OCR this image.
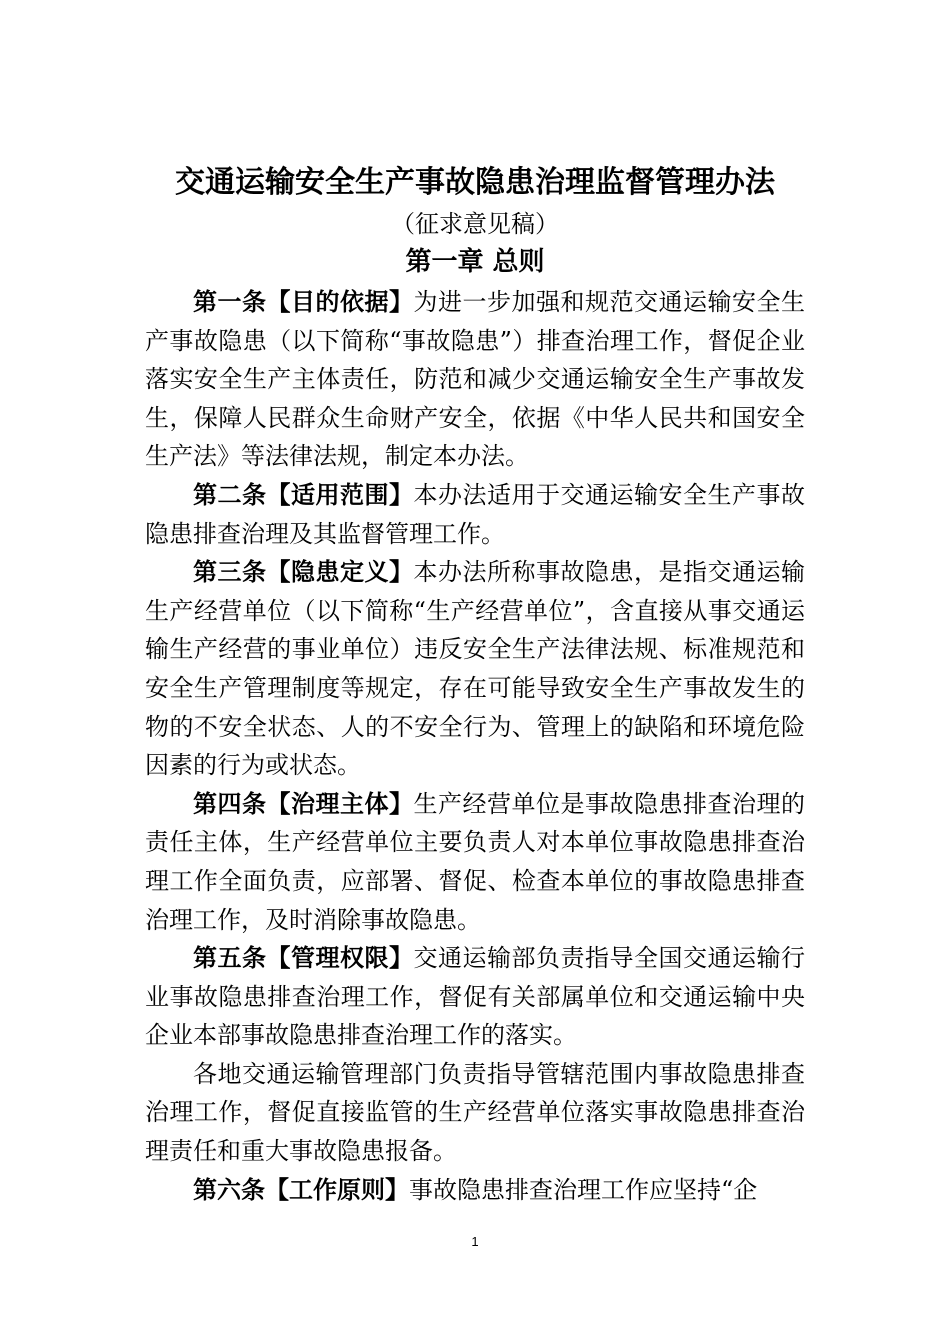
交通运输安全生产事故隐患治理监督管理办法
（征求意见稿）
第一章 总则

第一条【目的依据】为进一步加强和规范交通运输安全生产事故隐患（以下简称“事故隐患”）排查治理工作，督促企业落实安全生产主体责任，防范和减少交通运输安全生产事故发生，保障人民群众生命财产安全，依据《中华人民共和国安全生产法》等法律法规，制定本办法。

第二条【适用范围】本办法适用于交通运输安全生产事故隐患排查治理及其监督管理工作。

第三条【隐患定义】本办法所称事故隐患，是指交通运输生产经营单位（以下简称“生产经营单位”，含直接从事交通运输生产经营的事业单位）违反安全生产法律法规、标准规范和安全生产管理制度等规定，存在可能导致安全生产事故发生的物的不安全状态、人的不安全行为、管理上的缺陷和环境危险因素的行为或状态。

第四条【治理主体】生产经营单位是事故隐患排查治理的责任主体，生产经营单位主要负责人对本单位事故隐患排查治理工作全面负责，应部署、督促、检查本单位的事故隐患排查治理工作，及时消除事故隐患。

第五条【管理权限】交通运输部负责指导全国交通运输行业事故隐患排查治理工作，督促有关部属单位和交通运输中央企业本部事故隐患排查治理工作的落实。

各地交通运输管理部门负责指导管辖范围内事故隐患排查治理工作，督促直接监管的生产经营单位落实事故隐患排查治理责任和重大事故隐患报备。

第六条【工作原则】事故隐患排查治理工作应坚持“企

1
